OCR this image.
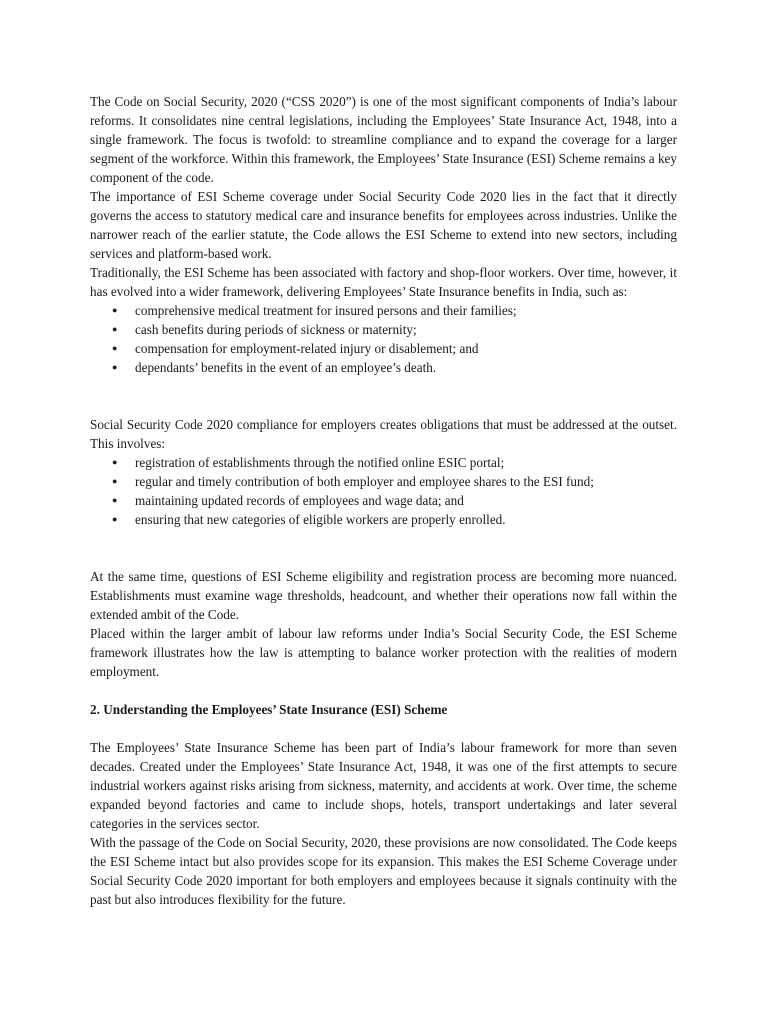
The Code on Social Security, 2020 (“CSS 2020”) is one of the most significant components of India’s labour reforms. It consolidates nine central legislations, including the Employees’ State Insurance Act, 1948, into a single framework. The focus is twofold: to streamline compliance and to expand the coverage for a larger segment of the workforce. Within this framework, the Employees’ State Insurance (ESI) Scheme remains a key component of the code.

The importance of ESI Scheme coverage under Social Security Code 2020 lies in the fact that it directly governs the access to statutory medical care and insurance benefits for employees across industries. Unlike the narrower reach of the earlier statute, the Code allows the ESI Scheme to extend into new sectors, including services and platform-based work.

Traditionally, the ESI Scheme has been associated with factory and shop-floor workers. Over time, however, it has evolved into a wider framework, delivering Employees’ State Insurance benefits in India, such as:

● comprehensive medical treatment for insured persons and their families;
● cash benefits during periods of sickness or maternity;
● compensation for employment-related injury or disablement; and
● dependants’ benefits in the event of an employee’s death.

Social Security Code 2020 compliance for employers creates obligations that must be addressed at the outset. This involves:

● registration of establishments through the notified online ESIC portal;
● regular and timely contribution of both employer and employee shares to the ESI fund;
● maintaining updated records of employees and wage data; and
● ensuring that new categories of eligible workers are properly enrolled.

At the same time, questions of ESI Scheme eligibility and registration process are becoming more nuanced. Establishments must examine wage thresholds, headcount, and whether their operations now fall within the extended ambit of the Code.

Placed within the larger ambit of labour law reforms under India’s Social Security Code, the ESI Scheme framework illustrates how the law is attempting to balance worker protection with the realities of modern employment.

2. Understanding the Employees’ State Insurance (ESI) Scheme

The Employees’ State Insurance Scheme has been part of India’s labour framework for more than seven decades. Created under the Employees’ State Insurance Act, 1948, it was one of the first attempts to secure industrial workers against risks arising from sickness, maternity, and accidents at work. Over time, the scheme expanded beyond factories and came to include shops, hotels, transport undertakings and later several categories in the services sector.

With the passage of the Code on Social Security, 2020, these provisions are now consolidated. The Code keeps the ESI Scheme intact but also provides scope for its expansion. This makes the ESI Scheme Coverage under Social Security Code 2020 important for both employers and employees because it signals continuity with the past but also introduces flexibility for the future.
